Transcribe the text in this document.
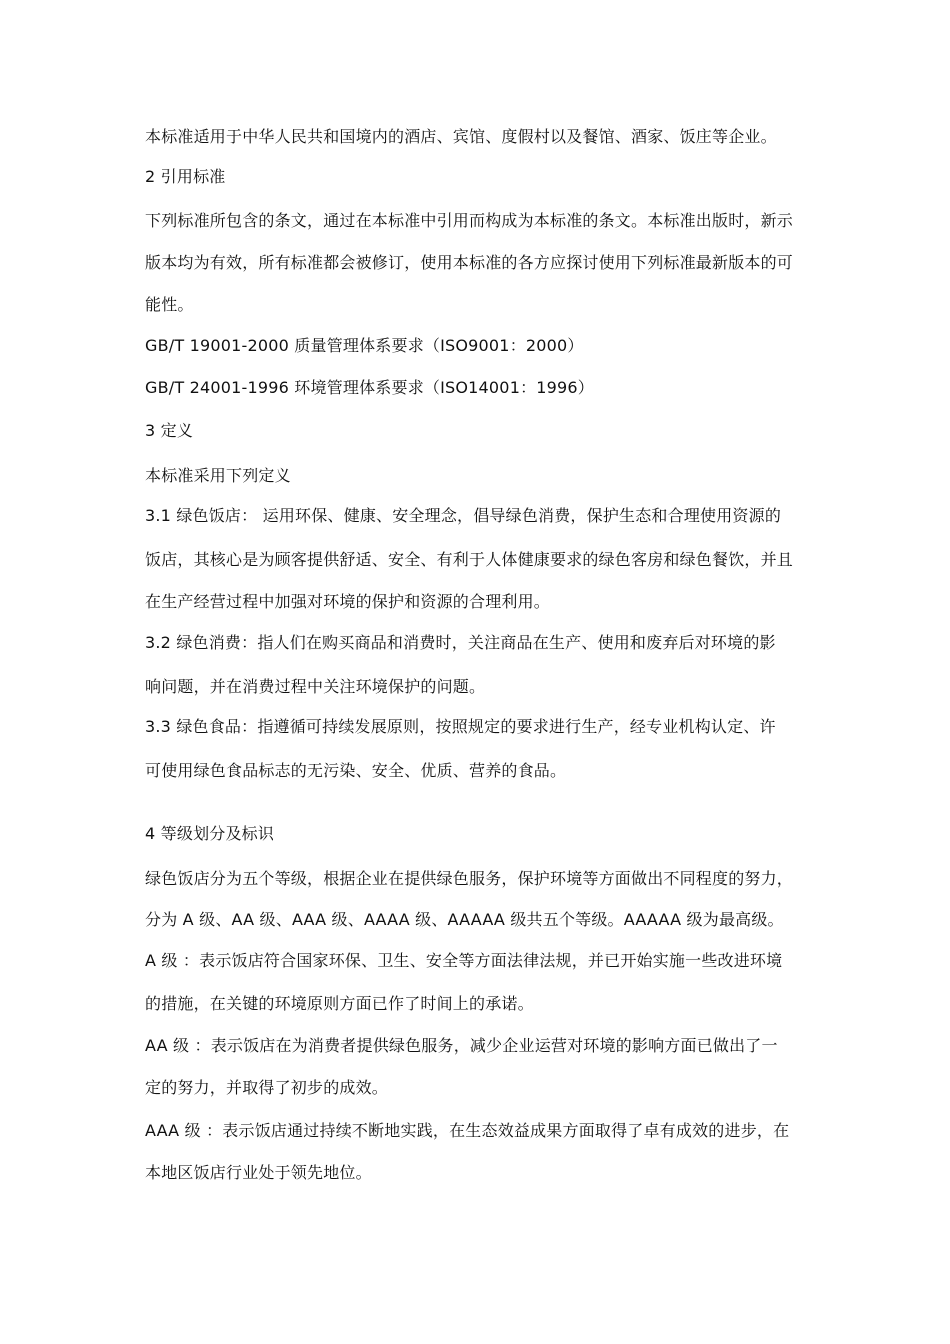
本标准适用于中华人民共和国境内的酒店、宾馆、度假村以及餐馆、酒家、饭庄等企业。
2 引用标准
下列标准所包含的条文，通过在本标准中引用而构成为本标准的条文。本标准出版时，新示
版本均为有效，所有标准都会被修订，使用本标准的各方应探讨使用下列标准最新版本的可
能性。
GB/T 19001-2000 质量管理体系要求（ISO9001：2000）
GB/T 24001-1996 环境管理体系要求（ISO14001：1996）
3 定义
本标准采用下列定义
3.1 绿色饭店： 运用环保、健康、安全理念，倡导绿色消费，保护生态和合理使用资源的
饭店，其核心是为顾客提供舒适、安全、有利于人体健康要求的绿色客房和绿色餐饮，并且
在生产经营过程中加强对环境的保护和资源的合理利用。
3.2 绿色消费：指人们在购买商品和消费时，关注商品在生产、使用和废弃后对环境的影
响问题，并在消费过程中关注环境保护的问题。
3.3 绿色食品：指遵循可持续发展原则，按照规定的要求进行生产，经专业机构认定、许
可使用绿色食品标志的无污染、安全、优质、营养的食品。
4 等级划分及标识
绿色饭店分为五个等级，根据企业在提供绿色服务，保护环境等方面做出不同程度的努力，
分为 A 级、AA 级、AAA 级、AAAA 级、AAAAA 级共五个等级。AAAAA 级为最高级。
A 级 ：表示饭店符合国家环保、卫生、安全等方面法律法规，并已开始实施一些改进环境
的措施，在关键的环境原则方面已作了时间上的承诺。
AA 级 ：表示饭店在为消费者提供绿色服务，减少企业运营对环境的影响方面已做出了一
定的努力，并取得了初步的成效。
AAA 级 ：表示饭店通过持续不断地实践，在生态效益成果方面取得了卓有成效的进步，在
本地区饭店行业处于领先地位。
